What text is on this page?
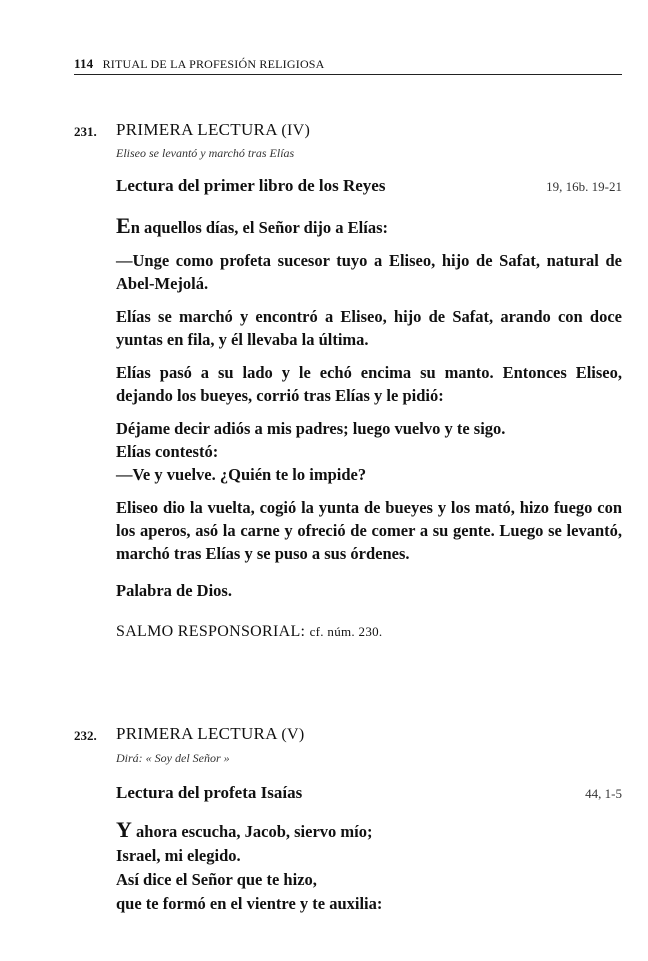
114 RITUAL DE LA PROFESIÓN RELIGIOSA
231. PRIMERA LECTURA (IV)
Eliseo se levantó y marchó tras Elías
Lectura del primer libro de los Reyes	19, 16b. 19-21

En aquellos días, el Señor dijo a Elías:

—Unge como profeta sucesor tuyo a Eliseo, hijo de Safat, natural de Abel-Mejolá.

Elías se marchó y encontró a Eliseo, hijo de Safat, arando con doce yuntas en fila, y él llevaba la última.

Elías pasó a su lado y le echó encima su manto. Entonces Eliseo, dejando los bueyes, corrió tras Elías y le pidió:

Déjame decir adiós a mis padres; luego vuelvo y te sigo.

Elías contestó:

—Ve y vuelve. ¿Quién te lo impide?

Eliseo dio la vuelta, cogió la yunta de bueyes y los mató, hizo fuego con los aperos, asó la carne y ofreció de comer a su gente. Luego se levantó, marchó tras Elías y se puso a sus órdenes.

Palabra de Dios.

SALMO RESPONSORIAL: cf. núm. 230.
232. PRIMERA LECTURA (V)
Dirá: « Soy del Señor »
Lectura del profeta Isaías	44, 1-5

Y ahora escucha, Jacob, siervo mío;

Israel, mi elegido.

Así dice el Señor que te hizo,

que te formó en el vientre y te auxilia:
